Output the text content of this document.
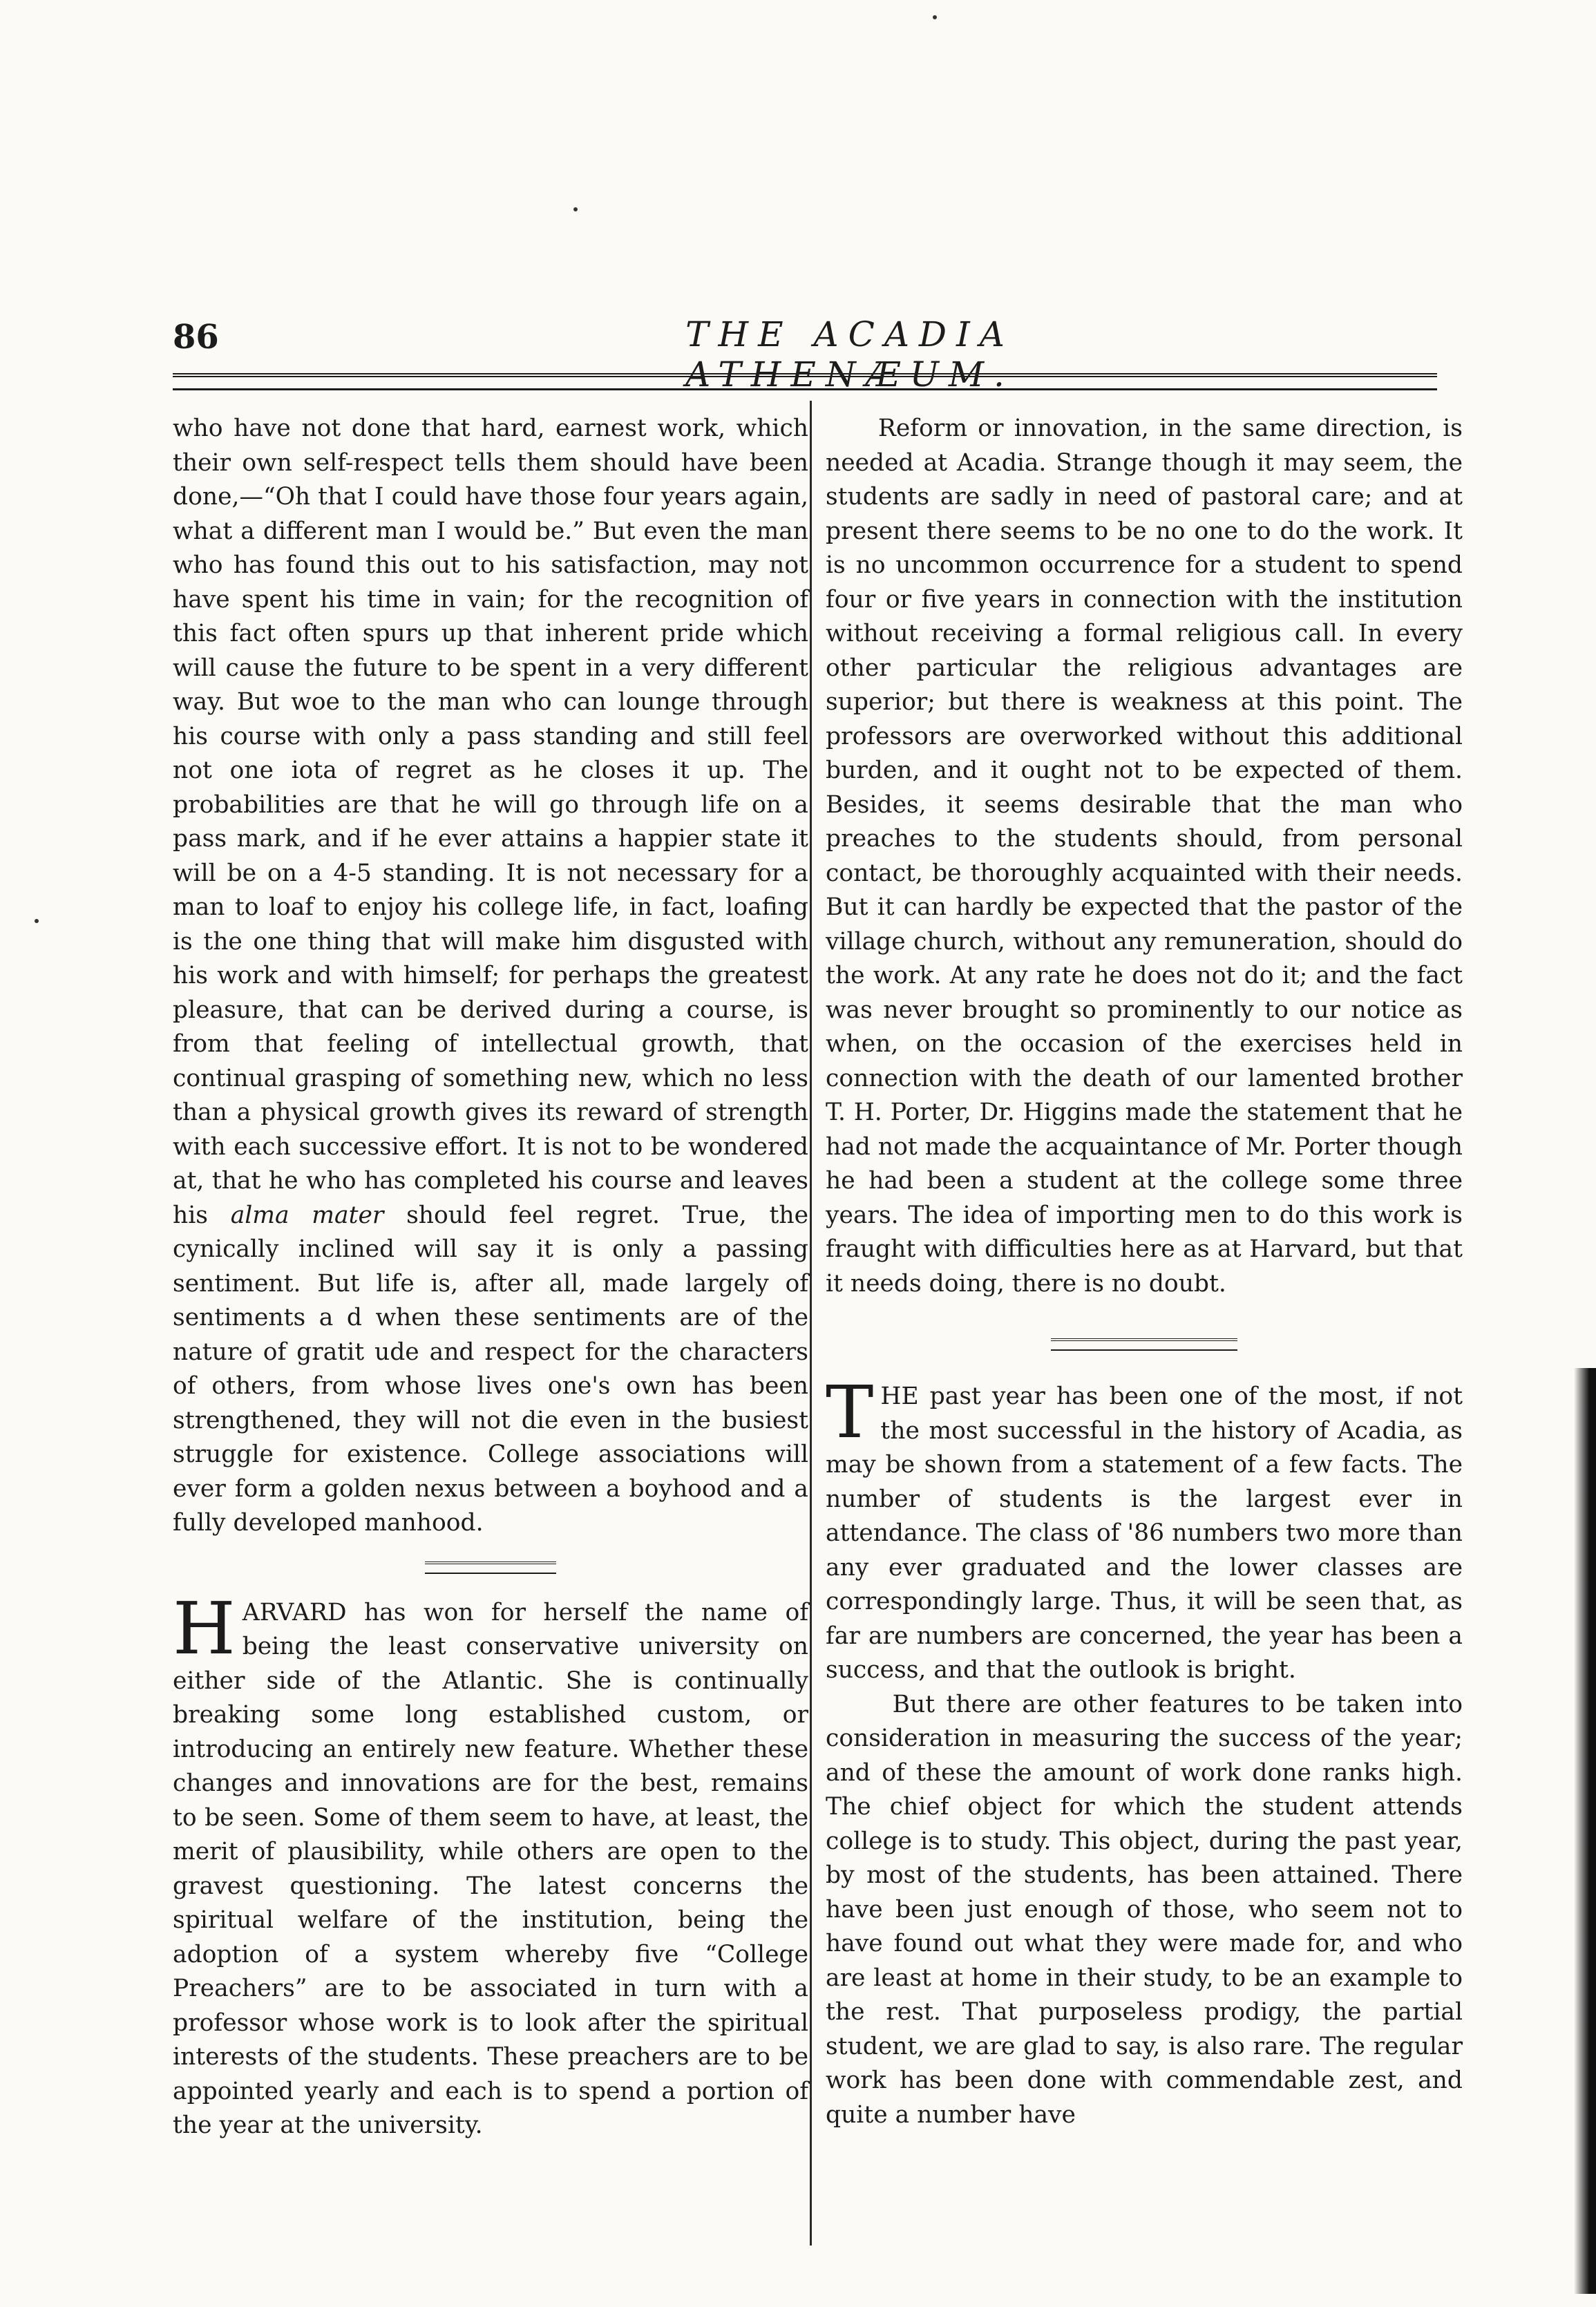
86	THE ACADIA ATHENÆUM.

who have not done that hard, earnest work, which their own self-respect tells them should have been done,—“Oh that I could have those four years again, what a different man I would be.” But even the man who has found this out to his satisfaction, may not have spent his time in vain; for the recognition of this fact often spurs up that inherent pride which will cause the future to be spent in a very different way. But woe to the man who can lounge through his course with only a pass standing and still feel not one iota of regret as he closes it up. The probabilities are that he will go through life on a pass mark, and if he ever attains a happier state it will be on a 4-5 standing. It is not necessary for a man to loaf to enjoy his college life, in fact, loafing is the one thing that will make him disgusted with his work and with himself; for perhaps the greatest pleasure, that can be derived during a course, is from that feeling of intellectual growth, that continual grasping of something new, which no less than a physical growth gives its reward of strength with each successive effort. It is not to be wondered at, that he who has completed his course and leaves his alma mater should feel regret. True, the cynically inclined will say it is only a passing sentiment. But life is, after all, made largely of sentiments a d when these sentiments are of the nature of gratit ude and respect for the characters of others, from whose lives one's own has been strengthened, they will not die even in the busiest struggle for existence. College associations will ever form a golden nexus between a boyhood and a fully developed manhood.

HARVARD has won for herself the name of being the least conservative university on either side of the Atlantic. She is continually breaking some long established custom, or introducing an entirely new feature. Whether these changes and innovations are for the best, remains to be seen. Some of them seem to have, at least, the merit of plausibility, while others are open to the gravest questioning. The latest concerns the spiritual welfare of the institution, being the adoption of a system whereby five “College Preachers” are to be associated in turn with a professor whose work is to look after the spiritual interests of the students. These preachers are to be appointed yearly and each is to spend a portion of the year at the university.

Reform or innovation, in the same direction, is needed at Acadia. Strange though it may seem, the students are sadly in need of pastoral care; and at present there seems to be no one to do the work. It is no uncommon occurrence for a student to spend four or five years in connection with the institution without receiving a formal religious call. In every other particular the religious advantages are superior; but there is weakness at this point. The professors are overworked without this additional burden, and it ought not to be expected of them. Besides, it seems desirable that the man who preaches to the students should, from personal contact, be thoroughly acquainted with their needs. But it can hardly be expected that the pastor of the village church, without any remuneration, should do the work. At any rate he does not do it; and the fact was never brought so prominently to our notice as when, on the occasion of the exercises held in connection with the death of our lamented brother T. H. Porter, Dr. Higgins made the statement that he had not made the acquaintance of Mr. Porter though he had been a student at the college some three years. The idea of importing men to do this work is fraught with difficulties here as at Harvard, but that it needs doing, there is no doubt.

THE past year has been one of the most, if not the most successful in the history of Acadia, as may be shown from a statement of a few facts. The number of students is the largest ever in attendance. The class of '86 numbers two more than any ever graduated and the lower classes are correspondingly large. Thus, it will be seen that, as far are numbers are concerned, the year has been a success, and that the outlook is bright.

But there are other features to be taken into consideration in measuring the success of the year; and of these the amount of work done ranks high. The chief object for which the student attends college is to study. This object, during the past year, by most of the students, has been attained. There have been just enough of those, who seem not to have found out what they were made for, and who are least at home in their study, to be an example to the rest. That purposeless prodigy, the partial student, we are glad to say, is also rare. The regular work has been done with commendable zest, and quite a number have
